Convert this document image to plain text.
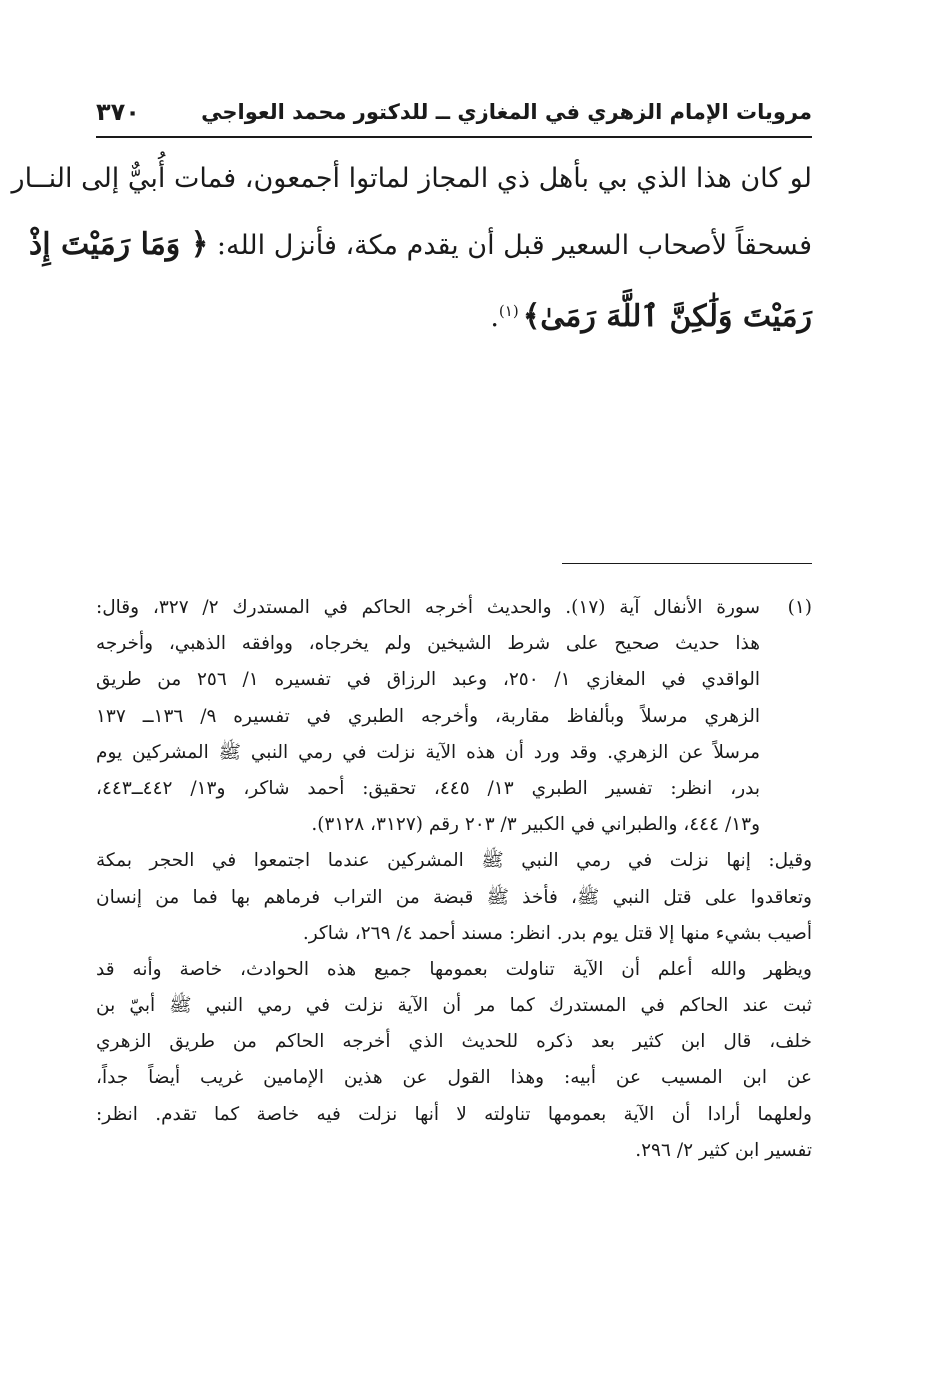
مرويات الإمام الزهري في المغازي ــ للدكتور محمد العواجي
٣٧٠
لو كان هذا الذي بي بأهل ذي المجاز لماتوا أجمعون، فمات أُبيٌّ إلى النــار
فسحقاً لأصحاب السعير قبل أن يقدم مكة، فأنزل الله: ﴿ وَمَا رَمَيْتَ إِذْ
رَمَيْتَ وَلَٰكِنَّ ٱللَّهَ رَمَىٰ﴾$^{(١)}$.
(١)
سورة الأنفال آية (١٧). والحديث أخرجه الحاكم في المستدرك ٢/ ٣٢٧، وقال:
هذا حديث صحيح على شرط الشيخين ولم يخرجاه، ووافقه الذهبي، وأخرجه
الواقدي في المغازي ١/ ٢٥٠، وعبد الرزاق في تفسيره ١/ ٢٥٦ من طريق
الزهري مرسلاً وبألفاظ مقاربة، وأخرجه الطبري في تفسيره ٩/ ١٣٦ــ ١٣٧
مرسلاً عن الزهري. وقد ورد أن هذه الآية نزلت في رمي النبي ﷺ المشركين يوم
بدر، انظر: تفسير الطبري ١٣/ ٤٤٥، تحقيق: أحمد شاكر، و١٣/ ٤٤٢ــ٤٤٣،
و١٣/ ٤٤٤، والطبراني في الكبير ٣/ ٢٠٣ رقم (٣١٢٧، ٣١٢٨).
وقيل: إنها نزلت في رمي النبي ﷺ المشركين عندما اجتمعوا في الحجر بمكة
وتعاقدوا على قتل النبي ﷺ، فأخذ ﷺ قبضة من التراب فرماهم بها فما من إنسان
أصيب بشيء منها إلا قتل يوم بدر. انظر: مسند أحمد ٤/ ٢٦٩، شاكر.
ويظهر والله أعلم أن الآية تناولت بعمومها جميع هذه الحوادث، خاصة وأنه قد
ثبت عند الحاكم في المستدرك كما مر أن الآية نزلت في رمي النبي ﷺ أبيّ بن
خلف، قال ابن كثير بعد ذكره للحديث الذي أخرجه الحاكم من طريق الزهري
عن ابن المسيب عن أبيه: وهذا القول عن هذين الإمامين غريب أيضاً جداً،
ولعلهما أرادا أن الآية بعمومها تناولته لا أنها نزلت فيه خاصة كما تقدم. انظر:
تفسير ابن كثير ٢/ ٢٩٦.
